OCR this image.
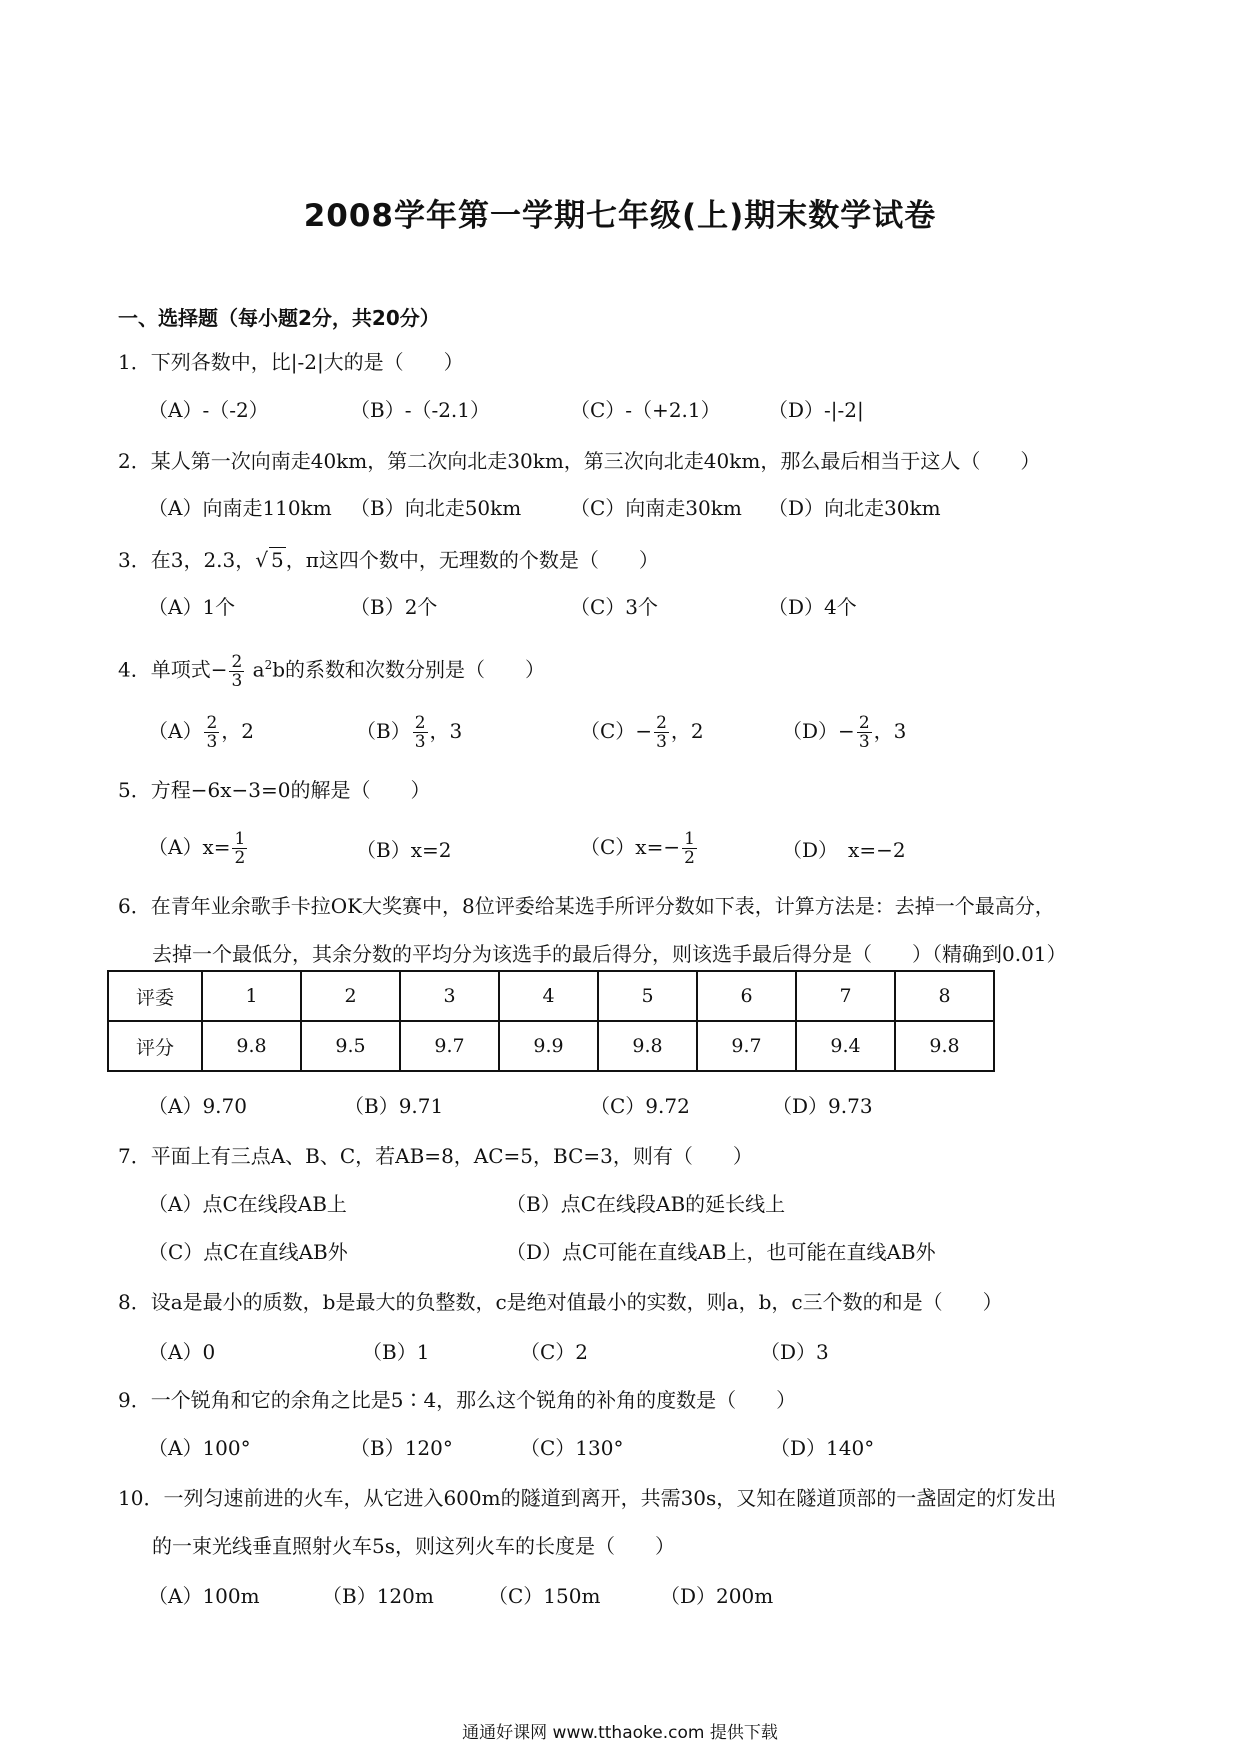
2008学年第一学期七年级(上)期末数学试卷
一、选择题（每小题2分，共20分）
1．下列各数中，比|-2|大的是（　　）
（A）-（-2）	（B）-（-2.1）	（C）-（+2.1） （D）-|-2|
2．某人第一次向南走40km，第二次向北走30km，第三次向北走40km，那么最后相当于这人（　　）
（A）向南走110km （B）向北走50km （C）向南走30km （D）向北走30km
3．在3，2.3，√ 5 ，π这四个数中，无理数的个数是（　　）
（A）1个	（B）2个	（C）3个	（D）4个
4．单项式− $\frac{2}{3} a^2b$的系数和次数分别是（　　）
$(A) \frac{2}{3}$ ，2	$(B) \frac{2}{3}$ ，3	$(C)- \frac{2}{3}$ ，2	$(D)- \frac{2}{3}$ ，3
5．方程−6x−3=0的解是（　　）
$(A)x= \frac{1}{2}$	（B）x=2	$(C)x=- \frac{1}{2}$	（D）　x=−2
6．在青年业余歌手卡拉OK大奖赛中，8位评委给某选手所评分数如下表，计算方法是：去掉一个最高分，
去掉一个最低分，其余分数的平均分为该选手的最后得分，则该选手最后得分是（　　）（精确到0.01）
评委	1	2	3	4	5	6	7	8
评分	9.8	9.5	9.7	9.9	9.8	9.7	9.4	9.8
（A）9.70	（B）9.71	（C）9.72	（D）9.73
7．平面上有三点A、B、C，若AB=8，AC=5，BC=3，则有（　　）
（A）点C在线段AB上	（B）点C在线段AB的延长线上
（C）点C在直线AB外	（D）点C可能在直线AB上，也可能在直线AB外
8．设a是最小的质数，b是最大的负整数，c是绝对值最小的实数，则a，b，c三个数的和是（　　）
（A）0	（B）1	（C）2	（D）3
9．一个锐角和它的余角之比是5∶4，那么这个锐角的补角的度数是（　　）
（A）100°	（B）120°	（C）130°	（D）140°
10．一列匀速前进的火车，从它进入600m的隧道到离开，共需30s，又知在隧道顶部的一盏固定的灯发出
的一束光线垂直照射火车5s，则这列火车的长度是（　　）
（A）100m	（B）120m	（C）150m	（D）200m
通通好课网 www.tthaoke.com 提供下载
